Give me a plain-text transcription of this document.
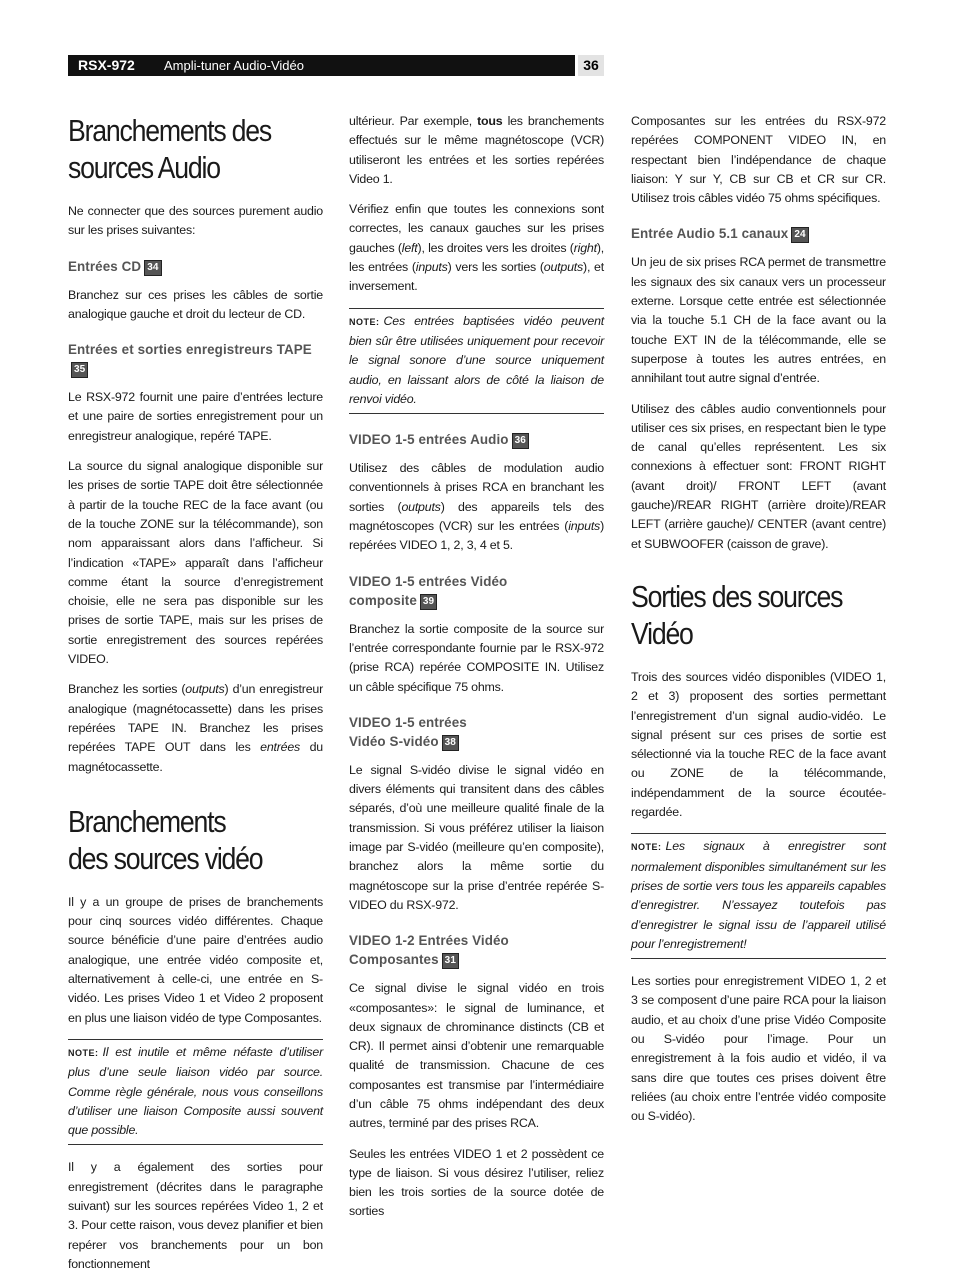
RSX-972 Ampli-tuner Audio-Vidéo	36
Branchements des sources Audio

Ne connecter que des sources purement audio sur les prises suivantes:

Entrées CD 34

Branchez sur ces prises les câbles de sortie analogique gauche et droit du lecteur de CD.

Entrées et sorties enregistreurs TAPE35

Le RSX-972 fournit une paire d’entrées lecture et une paire de sorties enregistrement pour un enregistreur analogique, repéré TAPE.

La source du signal analogique disponible sur les prises de sortie TAPE doit être sélectionnée à partir de la touche REC de la face avant (ou de la touche ZONE sur la télécommande), son nom apparaissant alors dans l’afficheur. Si l’indication «TAPE» apparaît dans l’afficheur comme étant la source d’enregistrement choisie, elle ne sera pas disponible sur les prises de sortie TAPE, mais sur les prises de sortie enregistrement des sources repérées VIDEO.

Branchez les sorties (outputs) d’un enregistreur analogique (magnétocassette) dans les prises repérées TAPE IN. Branchez les prises repérées TAPE OUT dans les entrées du magnétocassette.

Branchements des sources vidéo

Il y a un groupe de prises de branchements pour cinq sources vidéo différentes. Chaque source bénéficie d’une paire d’entrées audio analogique, une entrée vidéo composite et, alternativement à celle-ci, une entrée en S-vidéo. Les prises Video 1 et Video 2 proposent en plus une liaison vidéo de type Composantes.

NOTE: Il est inutile et même néfaste d’utiliser plus d’une seule liaison vidéo par source. Comme règle générale, nous vous conseillons d’utiliser une liaison Composite aussi souvent que possible.

Il y a également des sorties pour enregistrement (décrites dans le paragraphe suivant) sur les sources repérées Video 1, 2 et 3. Pour cette raison, vous devez planifier et bien repérer vos branchements pour un bon fonctionnement

ultérieur. Par exemple, tous les branchements effectués sur le même magnétoscope (VCR) utiliseront les entrées et les sorties repérées Video 1.

Vérifiez enfin que toutes les connexions sont correctes, les canaux gauches sur les prises gauches (left), les droites vers les droites (right), les entrées (inputs) vers les sorties (outputs), et inversement.

NOTE: Ces entrées baptisées vidéo peuvent bien sûr être utilisées uniquement pour recevoir le signal sonore d’une source uniquement audio, en laissant alors de côté la liaison de renvoi vidéo.
VIDEO 1-5 entrées Audio 36

Utilisez des câbles de modulation audio conventionnels à prises RCA en branchant les sorties (outputs) des appareils tels des magnétoscopes (VCR) sur les entrées (inputs) repérées VIDEO 1, 2, 3, 4 et 5.

VIDEO 1-5 entrées Vidéo composite 39

Branchez la sortie composite de la source sur l’entrée correspondante fournie par le RSX-972 (prise RCA) repérée COMPOSITE IN. Utilisez un câble spécifique 75 ohms.

VIDEO 1-5 entrées
Vidéo S-vidéo 38

Le signal S-vidéo divise le signal vidéo en divers éléments qui transitent dans des câbles séparés, d’où une meilleure qualité finale de la transmission. Si vous préférez utiliser la liaison image par S-vidéo (meilleure qu’en composite), branchez alors la même sortie du magnétoscope sur la prise d’entrée repérée S-VIDEO du RSX-972.

VIDEO 1-2 Entrées Vidéo
Composantes 31

Ce signal divise le signal vidéo en trois «composantes»: le signal de luminance, et deux signaux de chrominance distincts (CB et CR). Il permet ainsi d’obtenir une remarquable qualité de transmission. Chacune de ces composantes est transmise par l’intermédiaire d’un câble 75 ohms indépendant des deux autres, terminé par des prises RCA.

Seules les entrées VIDEO 1 et 2 possèdent ce type de liaison. Si vous désirez l’utiliser, reliez bien les trois sorties de la source dotée de sorties

Composantes sur les entrées du RSX-972 repérées COMPONENT VIDEO IN, en respectant bien l’indépendance de chaque liaison: Y sur Y, CB sur CB et CR sur CR. Utilisez trois câbles vidéo 75 ohms spécifiques.

Entrée Audio 5.1 canaux 24

Un jeu de six prises RCA permet de transmettre les signaux des six canaux vers un processeur externe. Lorsque cette entrée est sélectionnée via la touche 5.1 CH de la face avant ou la touche EXT IN de la télécommande, elle se superpose à toutes les autres entrées, en annihilant tout autre signal d’entrée.

Utilisez des câbles audio conventionnels pour utiliser ces six prises, en respectant bien le type de canal qu’elles représentent. Les six connexions à effectuer sont: FRONT RIGHT (avant droit)/ FRONT LEFT (avant gauche)/REAR RIGHT (arrière droite)/REAR LEFT (arrière gauche)/ CENTER (avant centre) et SUBWOOFER (caisson de grave).

Sorties des sources Vidéo

Trois des sources vidéo disponibles (VIDEO 1, 2 et 3) proposent des sorties permettant l’enregistrement d’un signal audio-vidéo. Le signal présent sur ces prises de sortie est sélectionné via la touche REC de la face avant ou ZONE de la télécommande, indépendamment de la source écoutée-regardée.

NOTE: Les signaux à enregistrer sont normalement disponibles simultanément sur les prises de sortie vers tous les appareils capables d’enregistrer. N’essayez toutefois pas d’enregistrer le signal issu de l’appareil utilisé pour l’enregistrement!

Les sorties pour enregistrement VIDEO 1, 2 et 3 se composent d’une paire RCA pour la liaison audio, et au choix d’une prise Vidéo Composite ou S-vidéo pour l’image. Pour un enregistrement à la fois audio et vidéo, il va sans dire que toutes ces prises doivent être reliées (au choix entre l’entrée vidéo composite ou S-vidéo).
